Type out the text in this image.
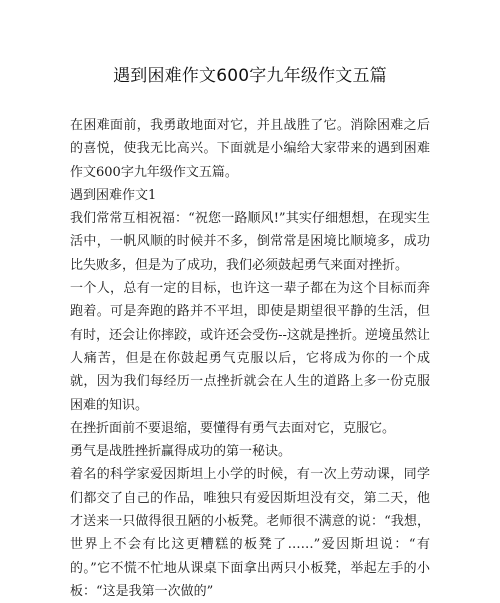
遇到困难作文600字九年级作文五篇

在困难面前，我勇敢地面对它，并且战胜了它。消除困难之后的喜悦，使我无比高兴。下面就是小编给大家带来的遇到困难作文600字九年级作文五篇。

遇到困难作文1

我们常常互相祝福：“祝您一路顺风!”其实仔细想想，在现实生活中，一帆风顺的时候并不多，倒常常是困境比顺境多，成功比失败多，但是为了成功，我们必须鼓起勇气来面对挫折。

一个人，总有一定的目标，也许这一辈子都在为这个目标而奔跑着。可是奔跑的路并不平坦，即使是期望很平静的生活，但有时，还会让你摔跤，或许还会受伤--这就是挫折。逆境虽然让人痛苦，但是在你鼓起勇气克服以后，它将成为你的一个成就，因为我们每经历一点挫折就会在人生的道路上多一份克服困难的知识。

在挫折面前不要退缩，要懂得有勇气去面对它，克服它。

勇气是战胜挫折赢得成功的第一秘诀。

着名的科学家爱因斯坦上小学的时候，有一次上劳动课，同学们都交了自己的作品，唯独只有爱因斯坦没有交，第二天，他才送来一只做得很丑陋的小板凳。老师很不满意的说：“我想，世界上不会有比这更糟糕的板凳了……”爱因斯坦说：“有的。”它不慌不忙地从课桌下面拿出两只小板凳，举起左手的小板：“这是我第一次做的”
